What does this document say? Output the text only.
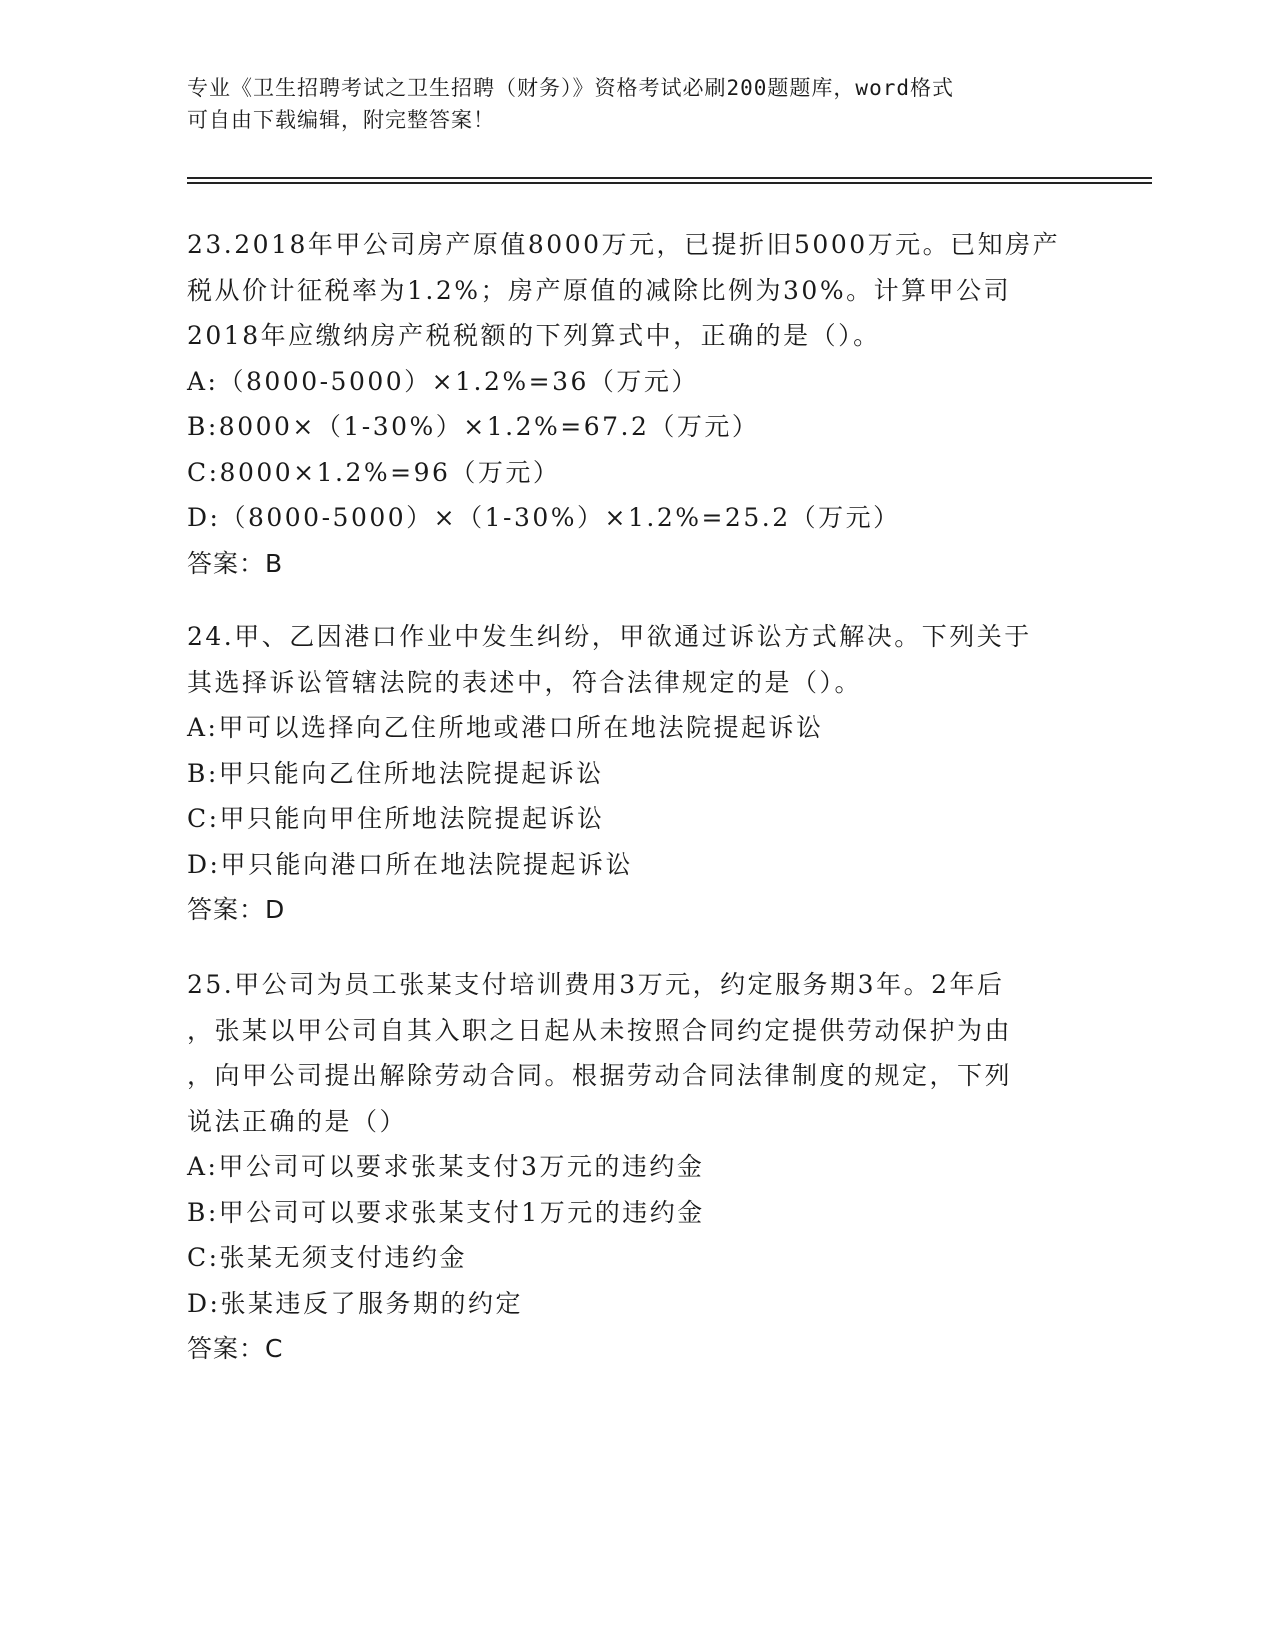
专业《卫生招聘考试之卫生招聘（财务）》资格考试必刷200题题库，word格式
可自由下载编辑，附完整答案！
23.2018年甲公司房产原值8000万元，已提折旧5000万元。已知房产
税从价计征税率为1.2%；房产原值的减除比例为30%。计算甲公司
2018年应缴纳房产税税额的下列算式中，正确的是（）。
A:（8000-5000）×1.2%=36（万元）
B:8000×（1-30%）×1.2%=67.2（万元）
C:8000×1.2%=96（万元）
D:（8000-5000）×（1-30%）×1.2%=25.2（万元）
答案：B
24.甲、乙因港口作业中发生纠纷，甲欲通过诉讼方式解决。下列关于
其选择诉讼管辖法院的表述中，符合法律规定的是（）。
A:甲可以选择向乙住所地或港口所在地法院提起诉讼
B:甲只能向乙住所地法院提起诉讼
C:甲只能向甲住所地法院提起诉讼
D:甲只能向港口所在地法院提起诉讼
答案：D
25.甲公司为员工张某支付培训费用3万元，约定服务期3年。2年后
，张某以甲公司自其入职之日起从未按照合同约定提供劳动保护为由
，向甲公司提出解除劳动合同。根据劳动合同法律制度的规定，下列
说法正确的是（）
A:甲公司可以要求张某支付3万元的违约金
B:甲公司可以要求张某支付1万元的违约金
C:张某无须支付违约金
D:张某违反了服务期的约定
答案：C
